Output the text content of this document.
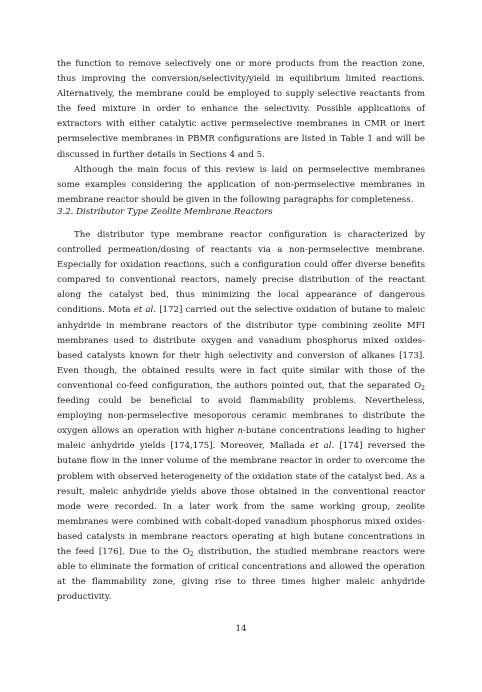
the function to remove selectively one or more products from the reaction zone, thus improving the conversion/selectivity/yield in equilibrium limited reactions. Alternatively, the membrane could be employed to supply selective reactants from the feed mixture in order to enhance the selectivity. Possible applications of extractors with either catalytic active permselective membranes in CMR or inert permselective membranes in PBMR configurations are listed in Table 1 and will be discussed in further details in Sections 4 and 5.

Although the main focus of this review is laid on permselective membranes some examples considering the application of non-permselective membranes in membrane reactor should be given in the following paragraphs for completeness.

3.2. Distributor Type Zeolite Membrane Reactors

The distributor type membrane reactor configuration is characterized by controlled permeation/dosing of reactants via a non-permselective membrane. Especially for oxidation reactions, such a configuration could offer diverse benefits compared to conventional reactors, namely precise distribution of the reactant along the catalyst bed, thus minimizing the local appearance of dangerous conditions. Mota et al. [172] carried out the selective oxidation of butane to maleic anhydride in membrane reactors of the distributor type combining zeolite MFI membranes used to distribute oxygen and vanadium phosphorus mixed oxides-based catalysts known for their high selectivity and conversion of alkanes [173]. Even though, the obtained results were in fact quite similar with those of the conventional co-feed configuration, the authors pointed out, that the separated $O_2$ feeding could be beneficial to avoid flammability problems. Nevertheless, employing non-permselective mesoporous ceramic membranes to distribute the oxygen allows an operation with higher n-butane concentrations leading to higher maleic anhydride yields [174,175]. Moreover, Mallada et al. [174] reversed the butane flow in the inner volume of the membrane reactor in order to overcome the problem with observed heterogeneity of the oxidation state of the catalyst bed. As a result, maleic anhydride yields above those obtained in the conventional reactor mode were recorded. In a later work from the same working group, zeolite membranes were combined with cobalt-doped vanadium phosphorus mixed oxides-based catalysts in membrane reactors operating at high butane concentrations in the feed [176]. Due to the $O_2$ distribution, the studied membrane reactors were able to eliminate the formation of critical concentrations and allowed the operation at the flammability zone, giving rise to three times higher maleic anhydride productivity.

14
